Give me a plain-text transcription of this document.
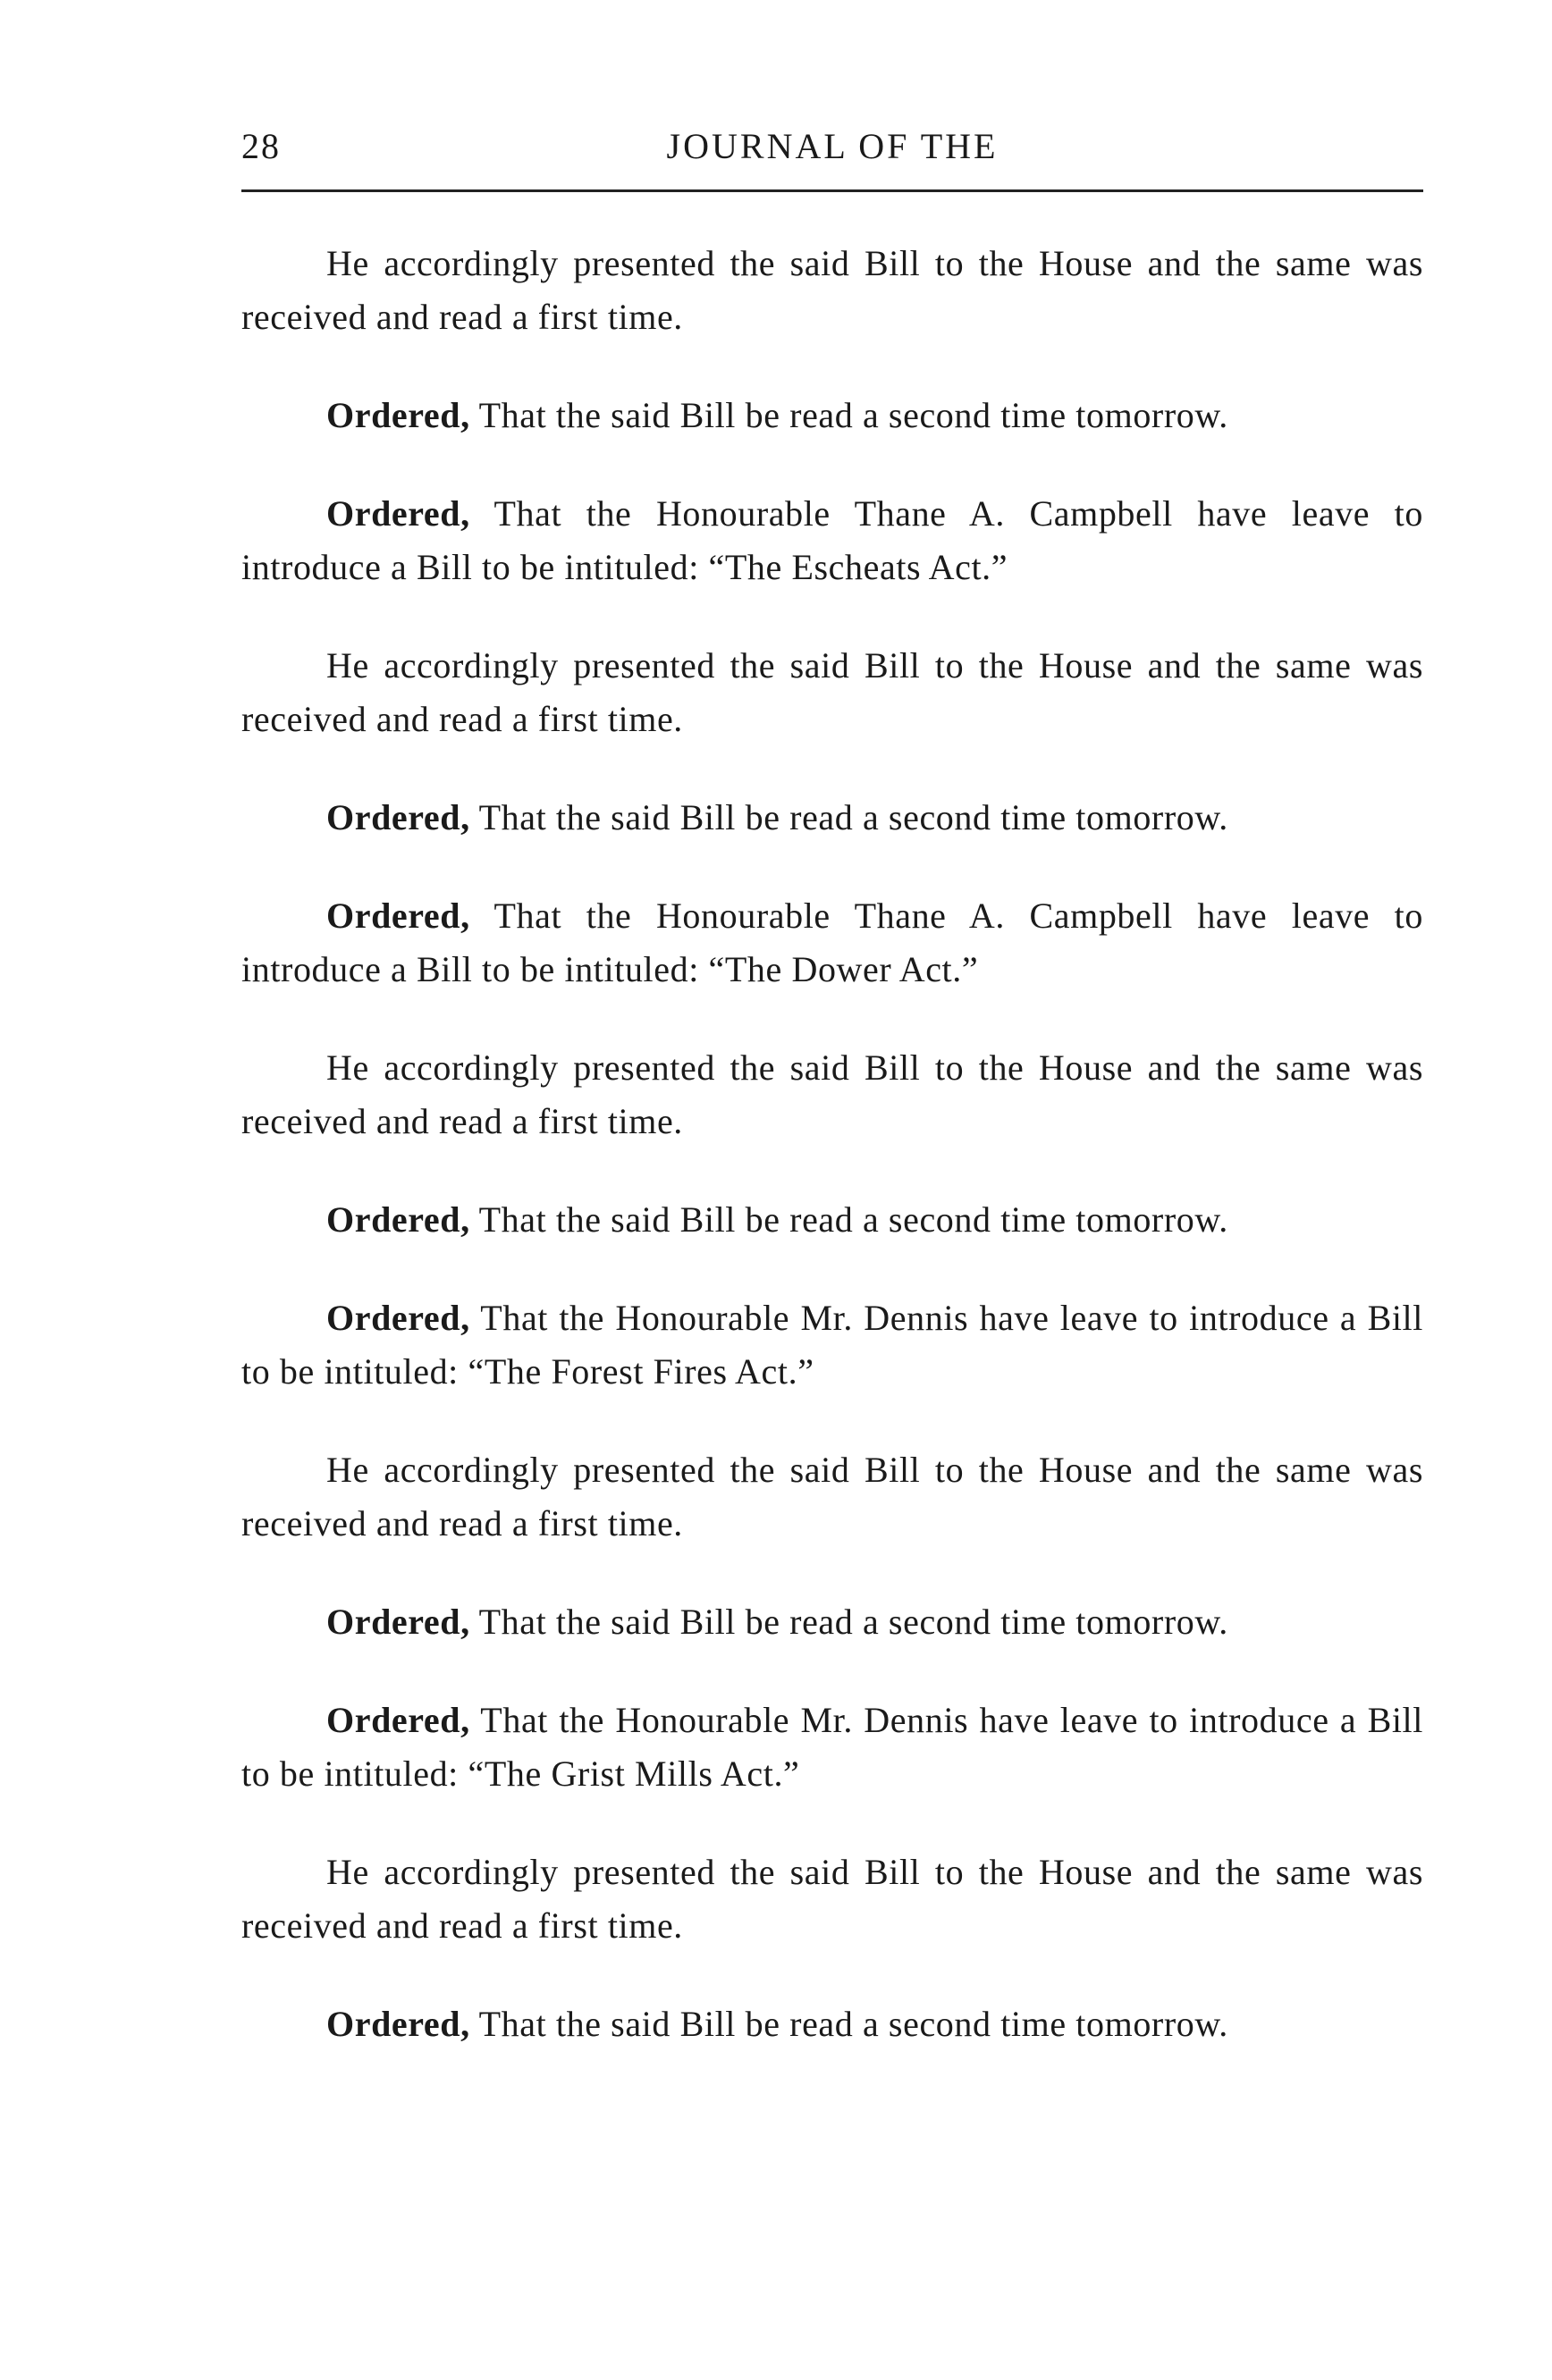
28	JOURNAL OF THE

He accordingly presented the said Bill to the House and the same was received and read a first time.

Ordered, That the said Bill be read a second time tomorrow.

Ordered, That the Honourable Thane A. Campbell have leave to introduce a Bill to be intituled: “The Escheats Act.”

He accordingly presented the said Bill to the House and the same was received and read a first time.

Ordered, That the said Bill be read a second time tomorrow.

Ordered, That the Honourable Thane A. Campbell have leave to introduce a Bill to be intituled: “The Dower Act.”

He accordingly presented the said Bill to the House and the same was received and read a first time.

Ordered, That the said Bill be read a second time tomorrow.

Ordered, That the Honourable Mr. Dennis have leave to introduce a Bill to be intituled: “The Forest Fires Act.”

He accordingly presented the said Bill to the House and the same was received and read a first time.

Ordered, That the said Bill be read a second time tomorrow.

Ordered, That the Honourable Mr. Dennis have leave to introduce a Bill to be intituled: “The Grist Mills Act.”

He accordingly presented the said Bill to the House and the same was received and read a first time.

Ordered, That the said Bill be read a second time tomorrow.
